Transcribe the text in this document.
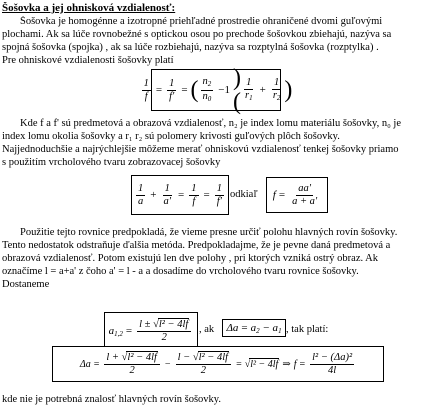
Šošovka a jej ohnisková vzdialenosť:
Šošovka je homogénne a izotropné priehľadné prostredie ohraničené dvomi guľovými
plochami. Ak sa lúče rovnobežné s optickou osou po prechode šošovkou zbiehajú, nazýva sa
spojná šošovka (spojka) , ak sa lúče rozbiehajú, nazýva sa rozptylná šošovka (rozptylka) .
Pre ohniskové vzdialenosti šošovky platí
$\frac{1}{f} = \frac{1}{f'}$ = ( $\frac{n_2}{n_0} -1$ )( $\frac{1}{r_1} + \frac{1}{r_2}$ )
Kde f a f' sú predmetová a obrazová vzdialenosť, n₂ je index lomu materiálu šošovky, n₀ je
index lomu okolia šošovky a r₁ r₂ sú polomery krivosti guľových plôch šošovky.
Najjednoduchšie a najrýchlejšie môžeme merať ohniskovú vzdialenosť tenkej šošovky priamo
s použitím vrcholového tvaru zobrazovacej šošovky
$\frac{1}{a} + \frac{1}{a'} = \frac{1}{f} = \frac{1}{f'}$ odkiaľ $f = \frac{aa'}{a + a'}$
Použitie tejto rovnice predpokladá, že vieme presne určiť polohu hlavných rovín šošovky.
Tento nedostatok odstraňuje ďalšia metóda. Predpokladajme, že je pevne daná predmetová a
obrazová vzdialenosť. Potom existujú len dve polohy , pri ktorých vzniká ostrý obraz. Ak
označíme l = a+a' z čoho a' = l - a a dosadíme do vrcholového tvaru rovnice šošovky.
Dostaneme
$a_{1,2} = \frac{\text{l ± √l² − 4lf}}{2}$ , ak $\Delta a = a_2 - a_1$ , tak platí:
$\Delta a = \frac{\text{l + √l² − 4lf}}{2} - \frac{\text{l − √l² − 4lf}}{2} = √l^2 - 4lf$ ⇒ $f = \frac{\text{l² − (Δa)²}}{4l}$
kde nie je potrebná znalosť hlavných rovín šošovky.
